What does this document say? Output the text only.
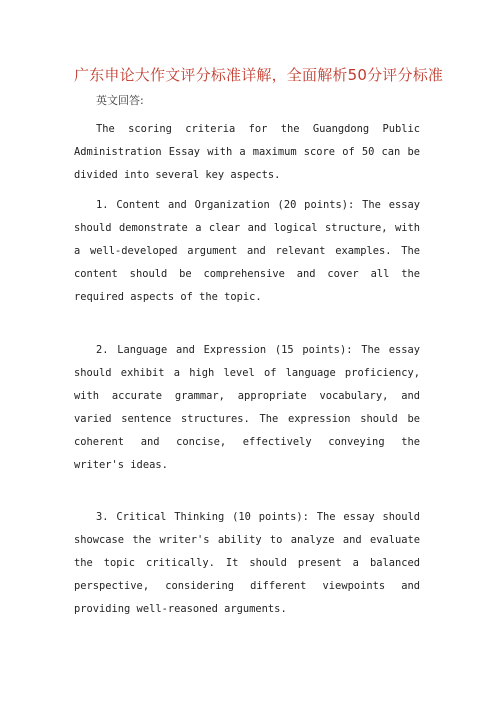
广东申论大作文评分标准详解，全面解析50分评分标准
英文回答:

The scoring criteria for the Guangdong Public Administration Essay with a maximum score of 50 can be divided into several key aspects.

1. Content and Organization (20 points): The essay should demonstrate a clear and logical structure, with a well-developed argument and relevant examples. The content should be comprehensive and cover all the required aspects of the topic.

2. Language and Expression (15 points): The essay should exhibit a high level of language proficiency, with accurate grammar, appropriate vocabulary, and varied sentence structures. The expression should be coherent and concise, effectively conveying the writer's ideas.

3. Critical Thinking (10 points): The essay should showcase the writer's ability to analyze and evaluate the topic critically. It should present a balanced perspective, considering different viewpoints and providing well-reasoned arguments.
